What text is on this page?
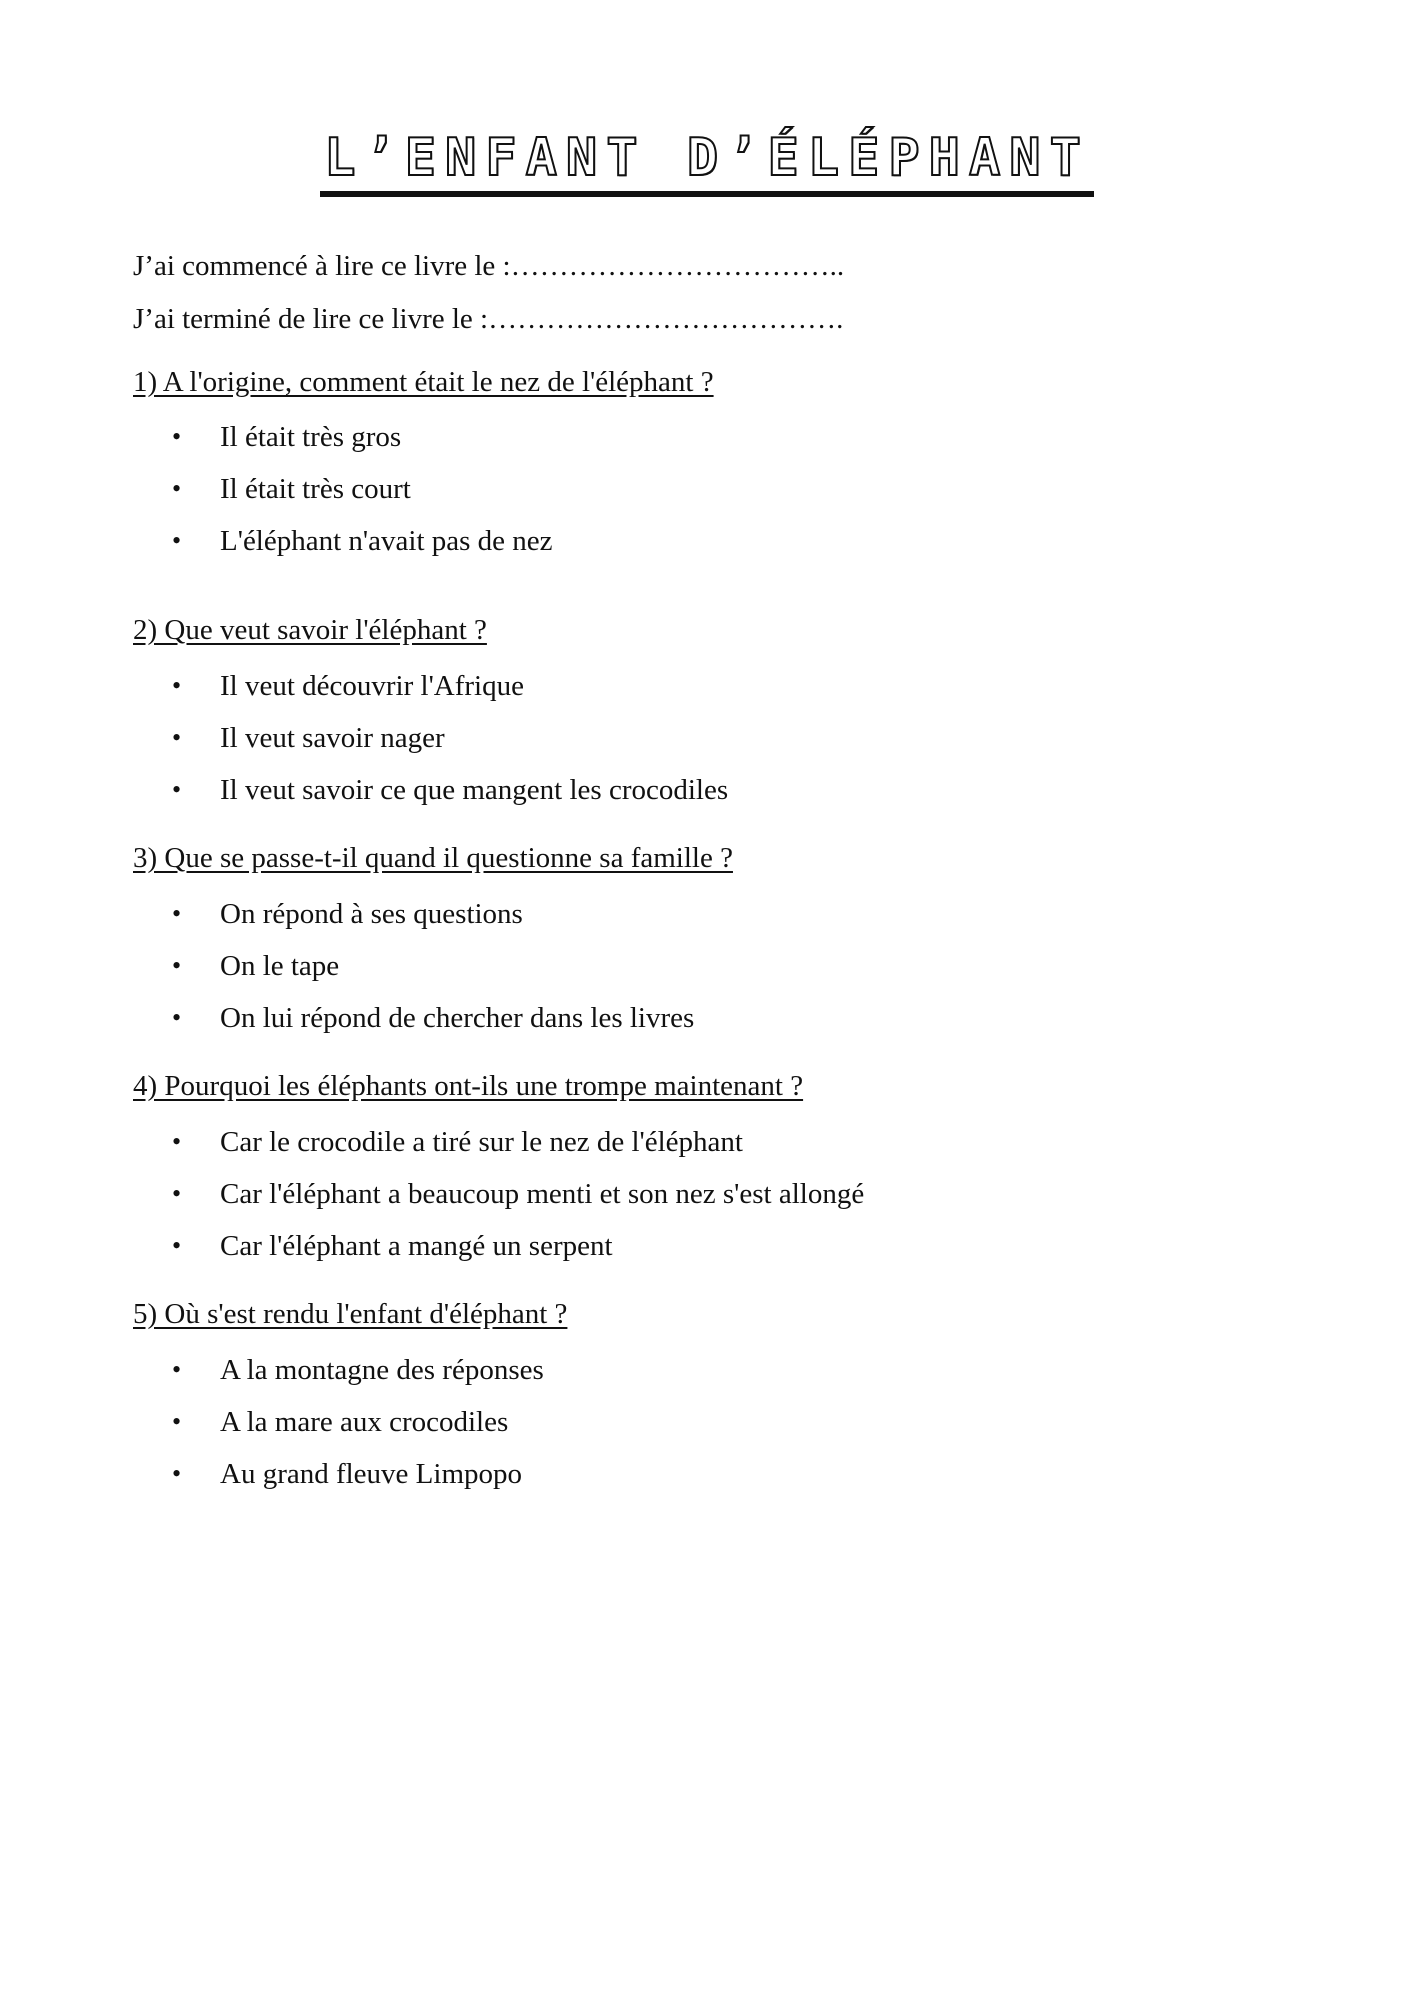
L’ENFANT D’ÉLÉPHANT

J’ai commencé à lire ce livre le :……………………………..

J’ai terminé de lire ce livre le :……………………………….

1) A l'origine, comment était le nez de l'éléphant ?
•	Il était très gros
•	Il était très court
•	L'éléphant n'avait pas de nez
2) Que veut savoir l'éléphant ?
•	Il veut découvrir l'Afrique
•	Il veut savoir nager
•	Il veut savoir ce que mangent les crocodiles
3) Que se passe-t-il quand il questionne sa famille ?
•	On répond à ses questions
•	On le tape
•	On lui répond de chercher dans les livres
4) Pourquoi les éléphants ont-ils une trompe maintenant ?
•	Car le crocodile a tiré sur le nez de l'éléphant
•	Car l'éléphant a beaucoup menti et son nez s'est allongé
•	Car l'éléphant a mangé un serpent
5) Où s'est rendu l'enfant d'éléphant ?
•	A la montagne des réponses
•	A la mare aux crocodiles
•	Au grand fleuve Limpopo
